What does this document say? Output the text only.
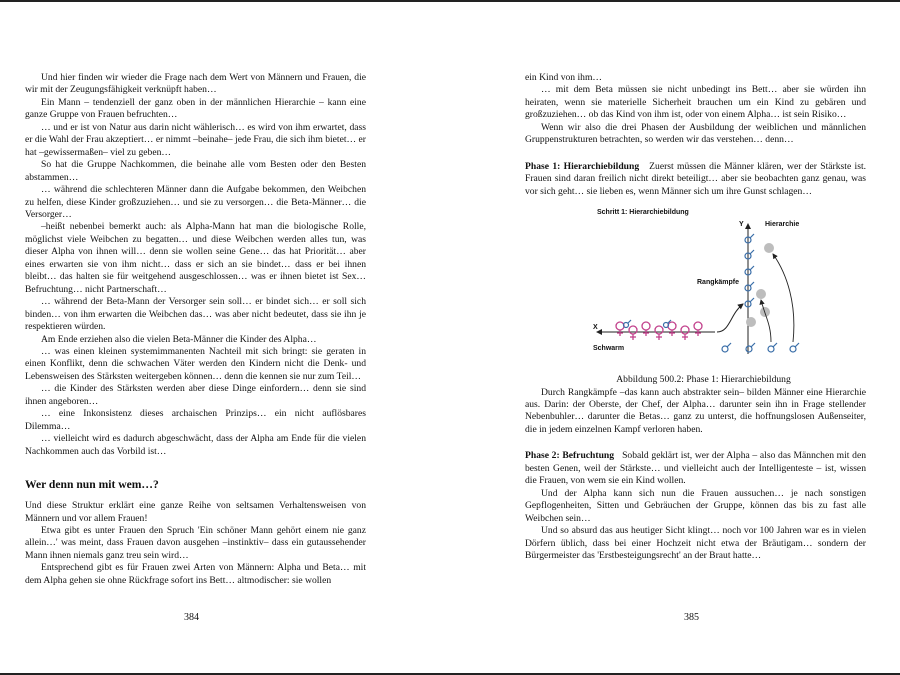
Und hier finden wir wieder die Frage nach dem Wert von Männern und Frauen, die wir mit der Zeugungsfähigkeit verknüpft haben…

Ein Mann – tendenziell der ganz oben in der männlichen Hierarchie – kann eine ganze Gruppe von Frauen befruchten…

… und er ist von Natur aus darin nicht wählerisch… es wird von ihm erwartet, dass er die Wahl der Frau akzeptiert… er nimmt –beinahe– jede Frau, die sich ihm bietet… er hat –gewissermaßen– viel zu geben…

So hat die Gruppe Nachkommen, die beinahe alle vom Besten oder den Besten abstammen…

… während die schlechteren Männer dann die Aufgabe bekommen, den Weibchen zu helfen, diese Kinder großzuziehen… und sie zu versorgen… die Beta-Männer… die Versorger…

–heißt nebenbei bemerkt auch: als Alpha-Mann hat man die biologische Rolle, möglichst viele Weibchen zu begatten… und diese Weibchen werden alles tun, was dieser Alpha von ihnen will… denn sie wollen seine Gene… das hat Priorität… aber eines erwarten sie von ihm nicht… dass er sich an sie bindet… dass er bei ihnen bleibt… das halten sie für weitgehend ausgeschlossen… was er ihnen bietet ist Sex… Befruchtung… nicht Partnerschaft…

… während der Beta-Mann der Versorger sein soll… er bindet sich… er soll sich binden… von ihm erwarten die Weibchen das… was aber nicht bedeutet, dass sie ihn je respektieren würden.

Am Ende erziehen also die vielen Beta-Männer die Kinder des Alpha…

… was einen kleinen systemimmanenten Nachteil mit sich bringt: sie geraten in einen Konflikt, denn die schwachen Väter werden den Kindern nicht die Denk- und Lebensweisen des Stärksten weitergeben können… denn die kennen sie nur zum Teil…

… die Kinder des Stärksten werden aber diese Dinge einfordern… denn sie sind ihnen angeboren…

… eine Inkonsistenz dieses archaischen Prinzips… ein nicht auflösbares Dilemma…

… vielleicht wird es dadurch abgeschwächt, dass der Alpha am Ende für die vielen Nachkommen auch das Vorbild ist…

Wer denn nun mit wem…?

Und diese Struktur erklärt eine ganze Reihe von seltsamen Verhaltensweisen von Männern und vor allem Frauen!

Etwa gibt es unter Frauen den Spruch 'Ein schöner Mann gehört einem nie ganz allein…' was meint, dass Frauen davon ausgehen –instinktiv– dass ein gutaussehender Mann ihnen niemals ganz treu sein wird…

Entsprechend gibt es für Frauen zwei Arten von Männern: Alpha und Beta… mit dem Alpha gehen sie ohne Rückfrage sofort ins Bett… altmodischer: sie wollen

384

ein Kind von ihm…

… mit dem Beta müssen sie nicht unbedingt ins Bett… aber sie würden ihn heiraten, wenn sie materielle Sicherheit brauchen um ein Kind zu gebären und großzuziehen… ob das Kind von ihm ist, oder von einem Alpha… ist sein Risiko…

Wenn wir also die drei Phasen der Ausbildung der weiblichen und männlichen Gruppenstrukturen betrachten, so werden wir das verstehen… denn…

Phase 1: Hierarchiebildung Zuerst müssen die Männer klären, wer der Stärkste ist. Frauen sind daran freilich nicht direkt beteiligt… aber sie beobachten ganz genau, was vor sich geht… sie lieben es, wenn Männer sich um ihre Gunst schlagen…

Schritt 1: Hierarchiebildung
Y	Hierarchie
X
Schwarm
Rangkämpfe

Abbildung 500.2: Phase 1: Hierarchiebildung

Durch Rangkämpfe –das kann auch abstrakter sein– bilden Männer eine Hierarchie aus. Darin: der Oberste, der Chef, der Alpha… darunter sein ihn in Frage stellender Nebenbuhler… darunter die Betas… ganz zu unterst, die hoffnungslosen Außenseiter, die in jedem einzelnen Kampf verloren haben.

Phase 2: Befruchtung Sobald geklärt ist, wer der Alpha – also das Männchen mit den besten Genen, weil der Stärkste… und vielleicht auch der Intelligenteste – ist, wissen die Frauen, von wem sie ein Kind wollen.

Und der Alpha kann sich nun die Frauen aussuchen… je nach sonstigen Gepflogenheiten, Sitten und Gebräuchen der Gruppe, können das bis zu fast alle Weibchen sein…

Und so absurd das aus heutiger Sicht klingt… noch vor 100 Jahren war es in vielen Dörfern üblich, dass bei einer Hochzeit nicht etwa der Bräutigam… sondern der Bürgermeister das 'Erstbesteigungsrecht' an der Braut hatte…

385
